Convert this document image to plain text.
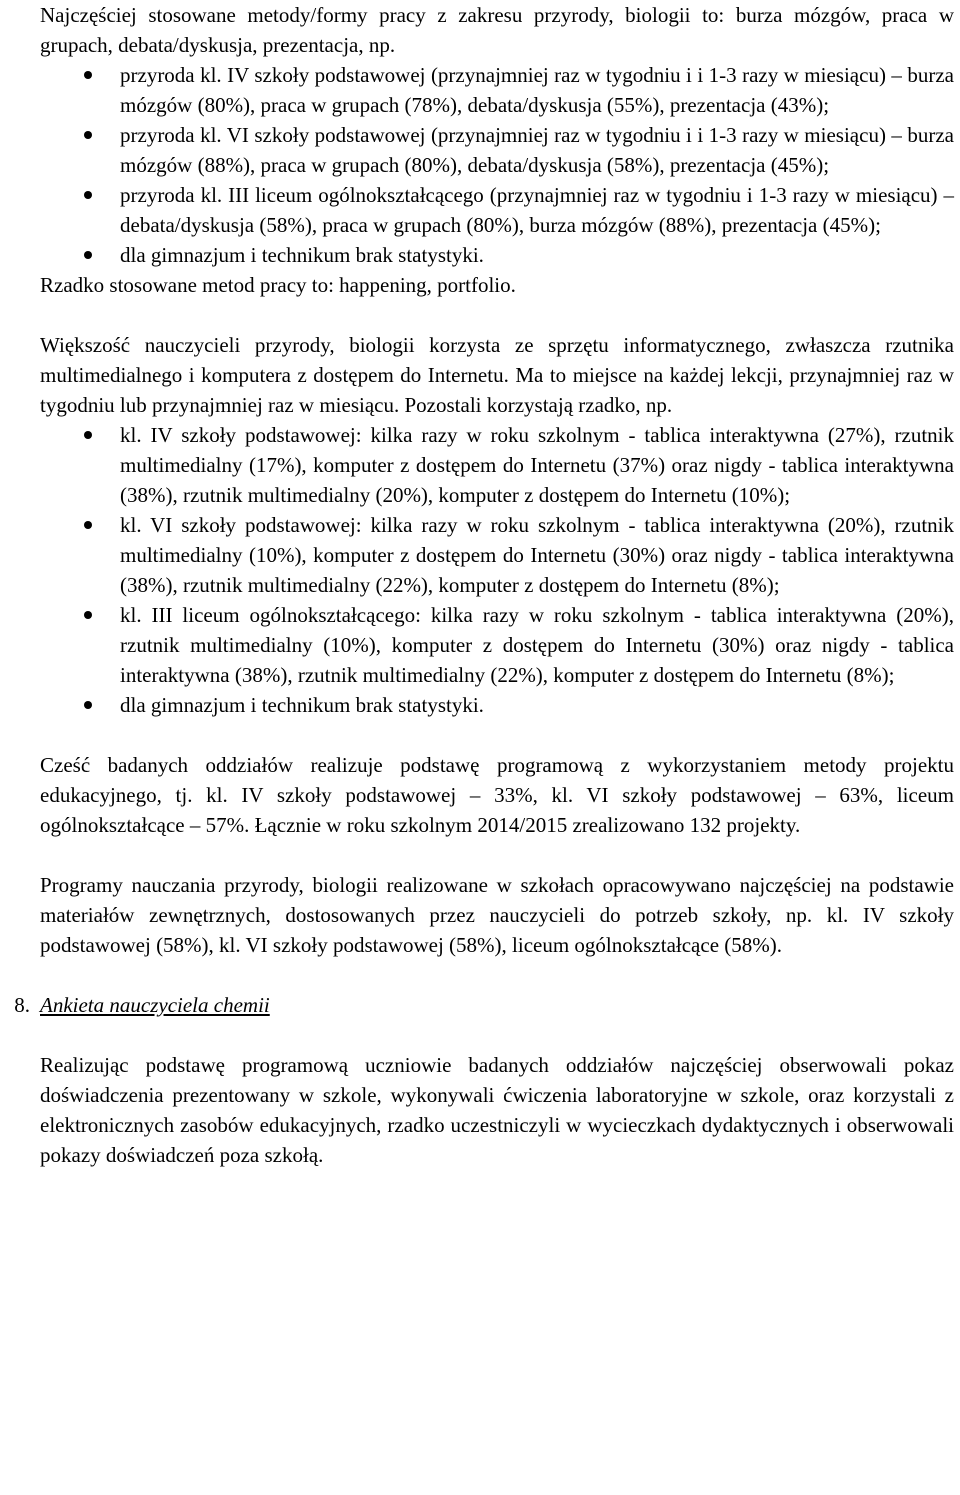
Najczęściej stosowane metody/formy pracy z zakresu przyrody, biologii to: burza mózgów, praca w grupach, debata/dyskusja, prezentacja, np.

przyroda kl. IV szkoły podstawowej (przynajmniej raz w tygodniu i i 1-3 razy w miesiącu) – burza mózgów (80%), praca w grupach (78%), debata/dyskusja (55%), prezentacja (43%);
przyroda kl. VI szkoły podstawowej (przynajmniej raz w tygodniu i i 1-3 razy w miesiącu) – burza mózgów (88%), praca w grupach (80%), debata/dyskusja (58%), prezentacja (45%);
przyroda kl. III liceum ogólnokształcącego (przynajmniej raz w tygodniu i 1-3 razy w miesiącu) – debata/dyskusja (58%), praca w grupach (80%), burza mózgów (88%), prezentacja (45%);
dla gimnazjum i technikum brak statystyki.

Rzadko stosowane metod pracy to: happening, portfolio.

Większość nauczycieli przyrody, biologii korzysta ze sprzętu informatycznego, zwłaszcza rzutnika multimedialnego i komputera z dostępem do Internetu. Ma to miejsce na każdej lekcji, przynajmniej raz w tygodniu lub przynajmniej raz w miesiącu. Pozostali korzystają rzadko, np.

kl. IV szkoły podstawowej: kilka razy w roku szkolnym - tablica interaktywna (27%), rzutnik multimedialny (17%), komputer z dostępem do Internetu (37%) oraz nigdy - tablica interaktywna (38%), rzutnik multimedialny (20%), komputer z dostępem do Internetu (10%);
kl. VI szkoły podstawowej: kilka razy w roku szkolnym - tablica interaktywna (20%), rzutnik multimedialny (10%), komputer z dostępem do Internetu (30%) oraz nigdy - tablica interaktywna (38%), rzutnik multimedialny (22%), komputer z dostępem do Internetu (8%);
kl. III liceum ogólnokształcącego: kilka razy w roku szkolnym - tablica interaktywna (20%), rzutnik multimedialny (10%), komputer z dostępem do Internetu (30%) oraz nigdy - tablica interaktywna (38%), rzutnik multimedialny (22%), komputer z dostępem do Internetu (8%);
dla gimnazjum i technikum brak statystyki.

Cześć badanych oddziałów realizuje podstawę programową z wykorzystaniem metody projektu edukacyjnego, tj. kl. IV szkoły podstawowej – 33%, kl. VI szkoły podstawowej – 63%, liceum ogólnokształcące – 57%. Łącznie w roku szkolnym 2014/2015 zrealizowano 132 projekty.

Programy nauczania przyrody, biologii realizowane w szkołach opracowywano najczęściej na podstawie materiałów zewnętrznych, dostosowanych przez nauczycieli do potrzeb szkoły, np. kl. IV szkoły podstawowej (58%), kl. VI szkoły podstawowej (58%), liceum ogólnokształcące (58%).

8. Ankieta nauczyciela chemii

Realizując podstawę programową uczniowie badanych oddziałów najczęściej obserwowali pokaz doświadczenia prezentowany w szkole, wykonywali ćwiczenia laboratoryjne w szkole, oraz korzystali z elektronicznych zasobów edukacyjnych, rzadko uczestniczyli w wycieczkach dydaktycznych i obserwowali pokazy doświadczeń poza szkołą.
